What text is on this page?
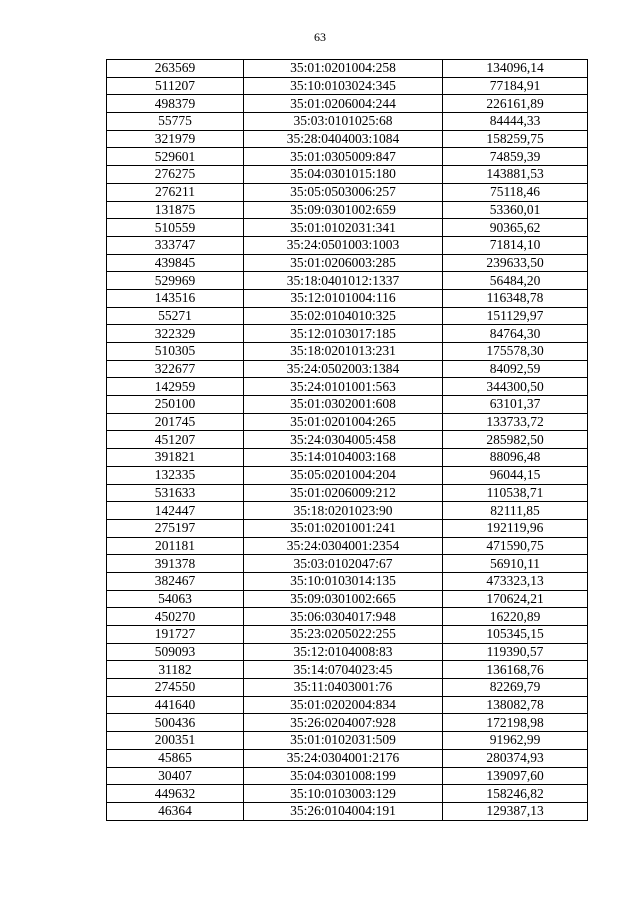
63
263569	35:01:0201004:258	134096,14
511207	35:10:0103024:345	77184,91
498379	35:01:0206004:244	226161,89
55775	35:03:0101025:68	84444,33
321979	35:28:0404003:1084	158259,75
529601	35:01:0305009:847	74859,39
276275	35:04:0301015:180	143881,53
276211	35:05:0503006:257	75118,46
131875	35:09:0301002:659	53360,01
510559	35:01:0102031:341	90365,62
333747	35:24:0501003:1003	71814,10
439845	35:01:0206003:285	239633,50
529969	35:18:0401012:1337	56484,20
143516	35:12:0101004:116	116348,78
55271	35:02:0104010:325	151129,97
322329	35:12:0103017:185	84764,30
510305	35:18:0201013:231	175578,30
322677	35:24:0502003:1384	84092,59
142959	35:24:0101001:563	344300,50
250100	35:01:0302001:608	63101,37
201745	35:01:0201004:265	133733,72
451207	35:24:0304005:458	285982,50
391821	35:14:0104003:168	88096,48
132335	35:05:0201004:204	96044,15
531633	35:01:0206009:212	110538,71
142447	35:18:0201023:90	82111,85
275197	35:01:0201001:241	192119,96
201181	35:24:0304001:2354	471590,75
391378	35:03:0102047:67	56910,11
382467	35:10:0103014:135	473323,13
54063	35:09:0301002:665	170624,21
450270	35:06:0304017:948	16220,89
191727	35:23:0205022:255	105345,15
509093	35:12:0104008:83	119390,57
31182	35:14:0704023:45	136168,76
274550	35:11:0403001:76	82269,79
441640	35:01:0202004:834	138082,78
500436	35:26:0204007:928	172198,98
200351	35:01:0102031:509	91962,99
45865	35:24:0304001:2176	280374,93
30407	35:04:0301008:199	139097,60
449632	35:10:0103003:129	158246,82
46364	35:26:0104004:191	129387,13
